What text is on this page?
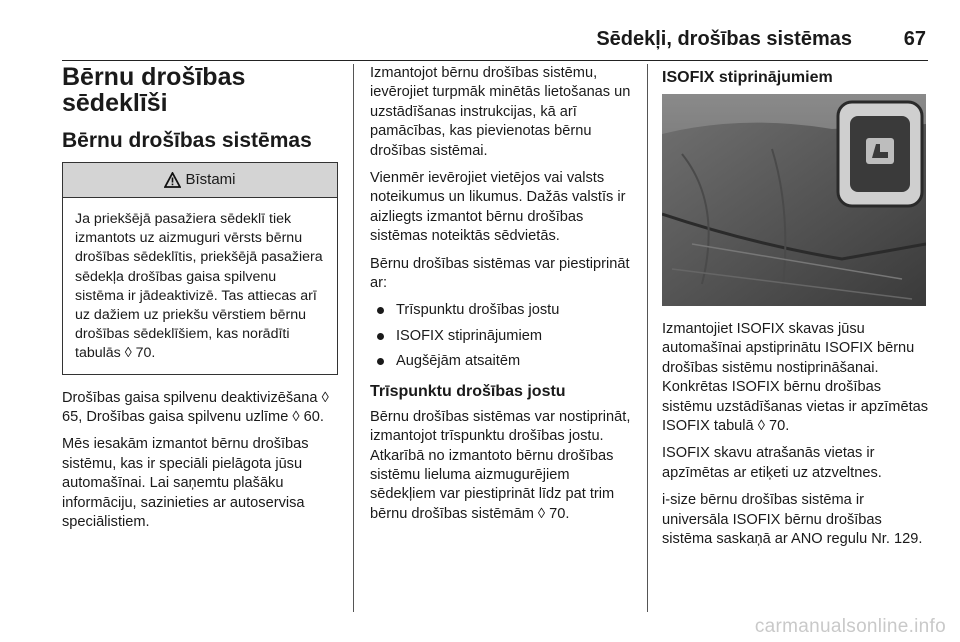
Sēdekļi, drošības sistēmas	67
Bērnu drošības sēdeklīši
Bērnu drošības sistēmas
Bīstami
Ja priekšējā pasažiera sēdeklī tiek izmantots uz aizmuguri vērsts bērnu drošības sēdeklītis, priekšējā pasažiera sēdekļa drošības gaisa spilvenu sistēma ir jādeaktivizē. Tas attiecas arī uz dažiem uz priekšu vērstiem bērnu drošības sēdeklīšiem, kas norādīti tabulās ◊ 70.

Drošības gaisa spilvenu deaktivizēšana ◊ 65, Drošības gaisa spilvenu uzlīme ◊ 60.

Mēs iesakām izmantot bērnu drošības sistēmu, kas ir speciāli pielāgota jūsu automašīnai. Lai saņemtu plašāku informāciju, sazinieties ar autoservisa speciālistiem.

Izmantojot bērnu drošības sistēmu, ievērojiet turpmāk minētās lietošanas un uzstādīšanas instrukcijas, kā arī pamācības, kas pievienotas bērnu drošības sistēmai.

Vienmēr ievērojiet vietējos vai valsts noteikumus un likumus. Dažās valstīs ir aizliegts izmantot bērnu drošības sistēmas noteiktās sēdvietās.

Bērnu drošības sistēmas var piestiprināt ar:

Trīspunktu drošības jostu
ISOFIX stiprinājumiem
Augšējām atsaitēm
Trīspunktu drošības jostu

Bērnu drošības sistēmas var nostiprināt, izmantojot trīspunktu drošības jostu. Atkarībā no izmantoto bērnu drošības sistēmu lieluma aizmugurējiem sēdekļiem var piestiprināt līdz pat trim bērnu drošības sistēmām ◊ 70.

ISOFIX stiprinājumiem

Izmantojiet ISOFIX skavas jūsu automašīnai apstiprinātu ISOFIX bērnu drošības sistēmu nostiprināšanai. Konkrētas ISOFIX bērnu drošības sistēmu uzstādīšanas vietas ir apzīmētas ISOFIX tabulā ◊ 70.

ISOFIX skavu atrašanās vietas ir apzīmētas ar etiķeti uz atzveltnes.

i-size bērnu drošības sistēma ir universāla ISOFIX bērnu drošības sistēma saskaņā ar ANO regulu Nr. 129.

carmanualsonline.info
